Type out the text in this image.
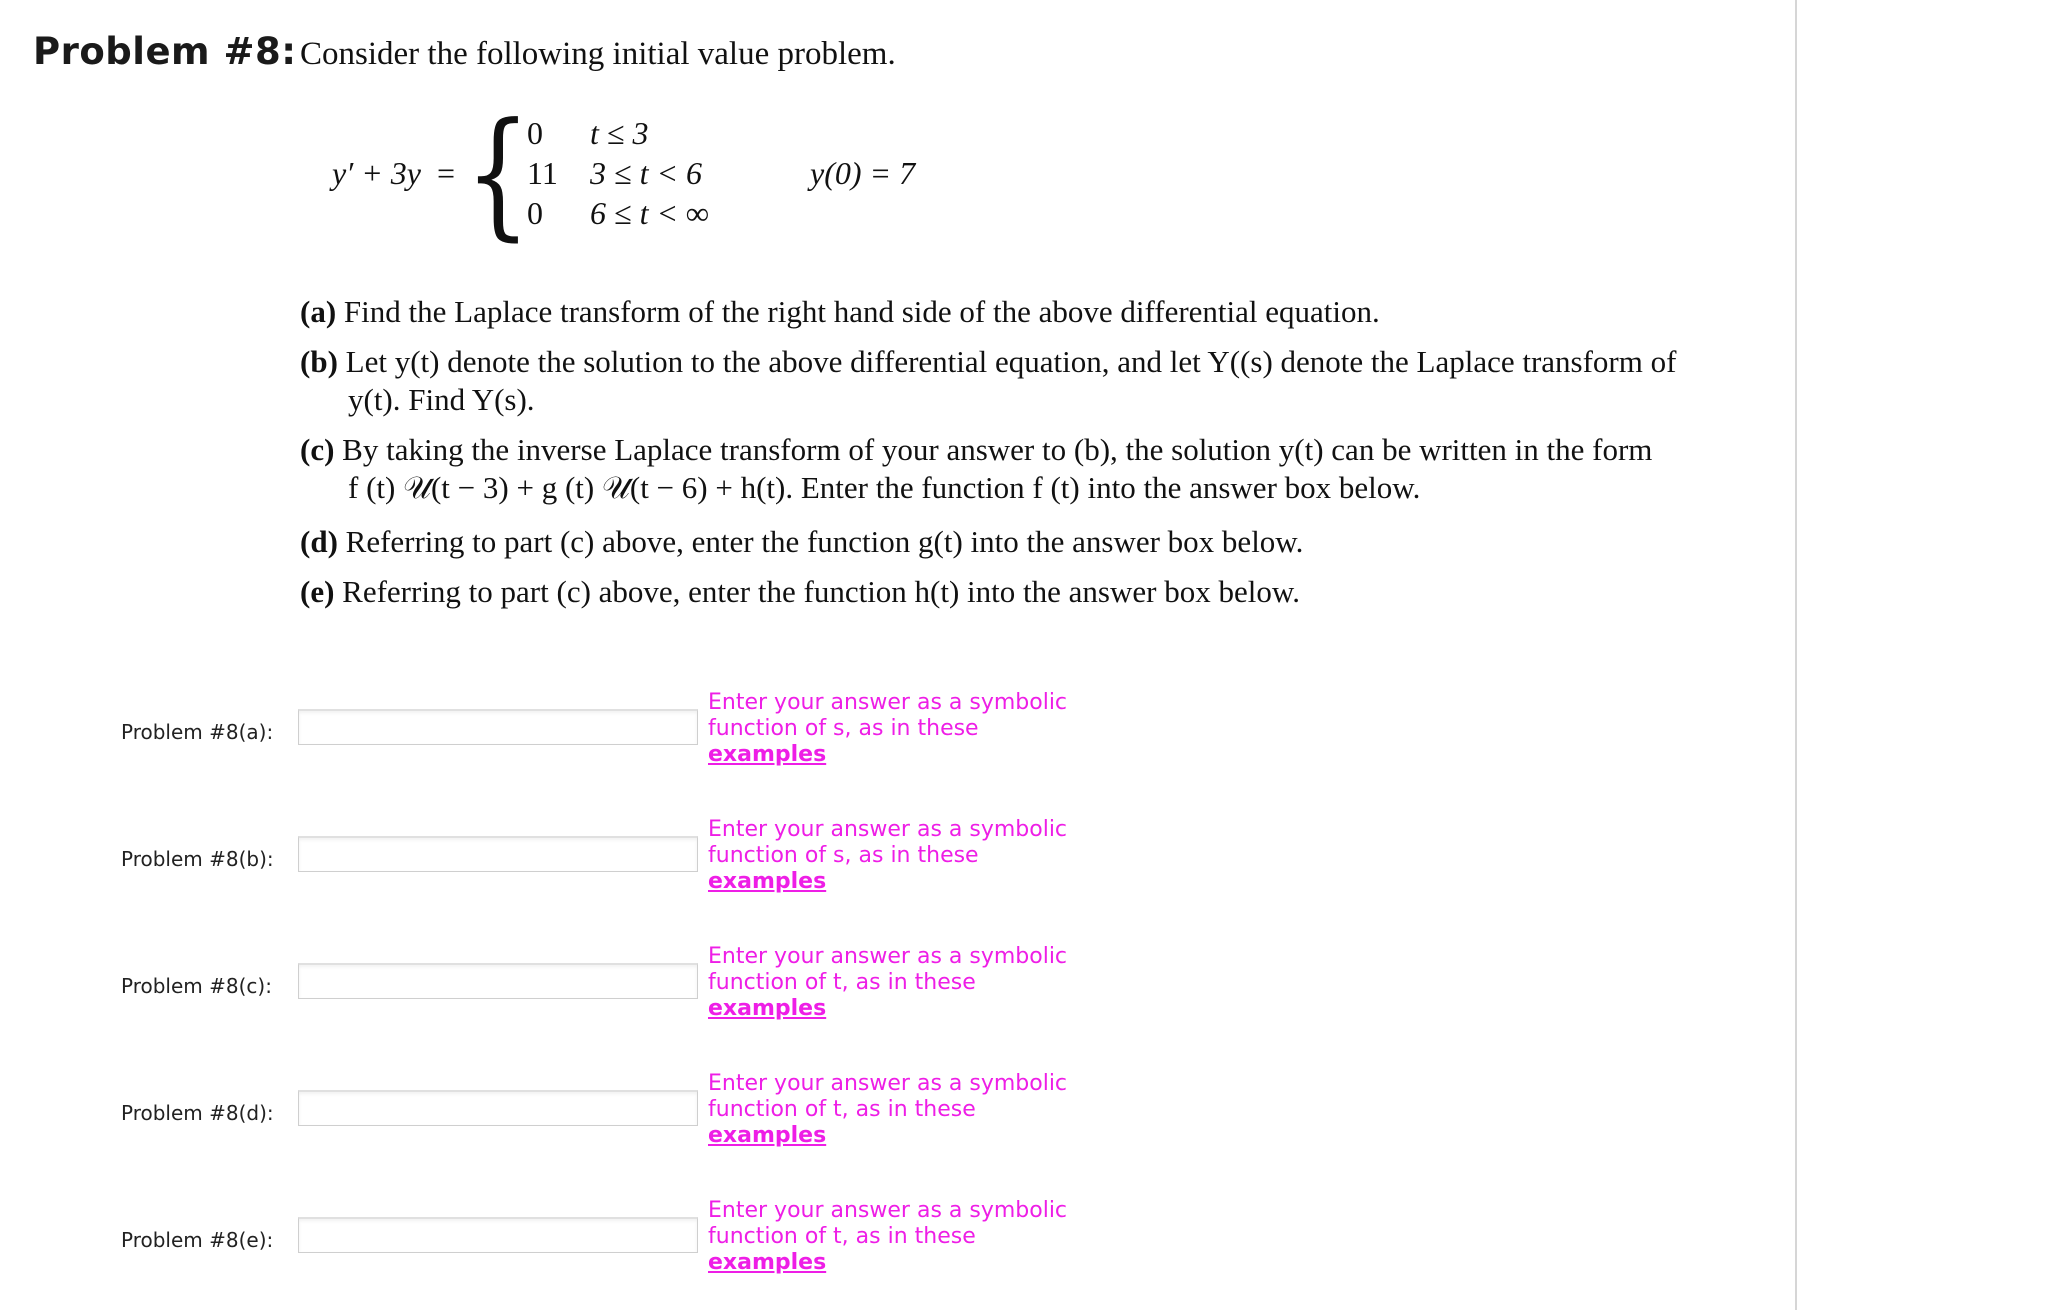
Problem #8: Consider the following initial value problem.
y′ + 3y = {
0 t ≤ 3
11 3 ≤ t < 6
0 6 ≤ t < ∞
y(0) = 7
(a) Find the Laplace transform of the right hand side of the above differential equation.
(b) Let y(t) denote the solution to the above differential equation, and let Y((s) denote the Laplace transform of
y(t). Find Y(s).
(c) By taking the inverse Laplace transform of your answer to (b), the solution y(t) can be written in the form
f (t) 𝒰(t − 3) + g (t) 𝒰(t − 6) + h(t). Enter the function f (t) into the answer box below.
(d) Referring to part (c) above, enter the function g(t) into the answer box below.
(e) Referring to part (c) above, enter the function h(t) into the answer box below.
Problem #8(a):
Enter your answer as a symbolic function of s, as in these
examples
Problem #8(b):
Enter your answer as a symbolic function of s, as in these
examples
Problem #8(c):
Enter your answer as a symbolic function of t, as in these
examples
Problem #8(d):
Enter your answer as a symbolic function of t, as in these
examples
Problem #8(e):
Enter your answer as a symbolic function of t, as in these
examples
